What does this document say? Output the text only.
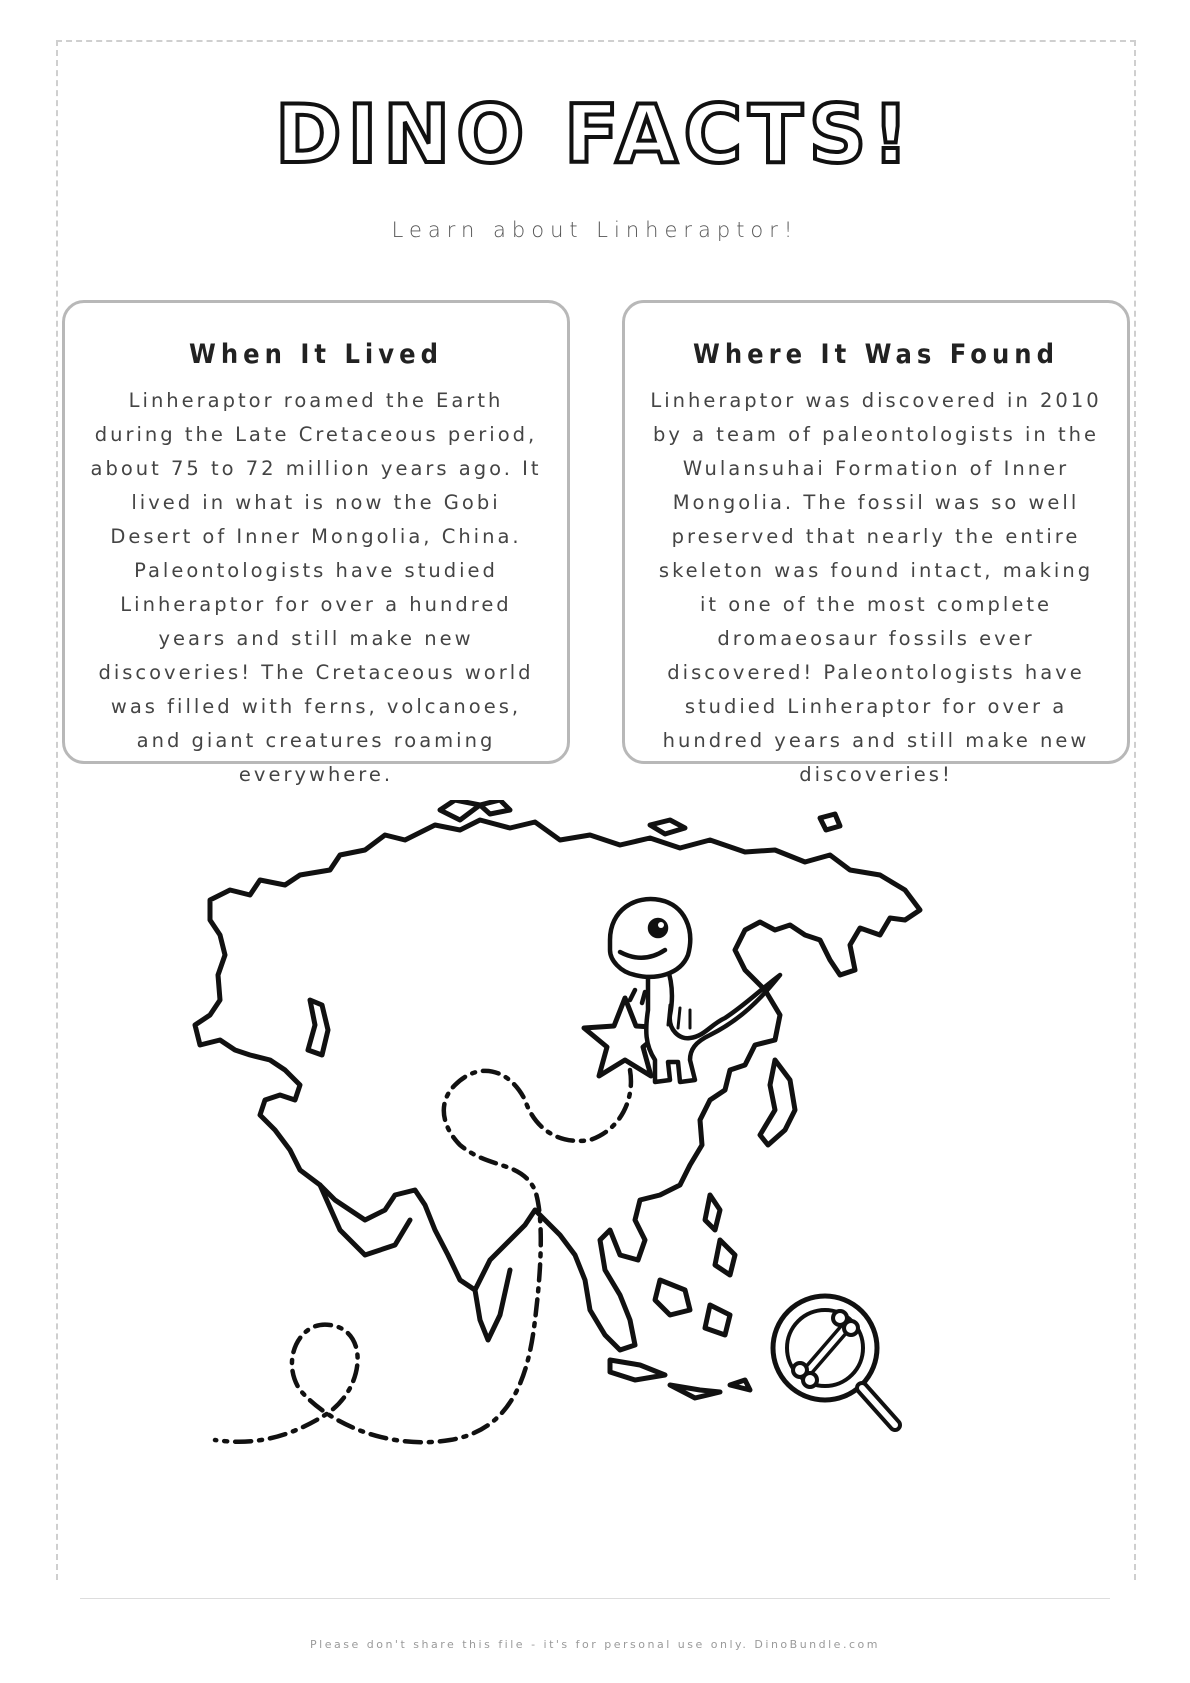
DINO FACTS!
Learn about Linheraptor!
When It Lived

Linheraptor roamed the Earth during the Late Cretaceous period, about 75 to 72 million years ago. It lived in what is now the Gobi Desert of Inner Mongolia, China. Paleontologists have studied Linheraptor for over a hundred years and still make new discoveries! The Cretaceous world was filled with ferns, volcanoes, and giant creatures roaming everywhere.

Where It Was Found

Linheraptor was discovered in 2010 by a team of paleontologists in the Wulansuhai Formation of Inner Mongolia. The fossil was so well preserved that nearly the entire skeleton was found intact, making it one of the most complete dromaeosaur fossils ever discovered! Paleontologists have studied Linheraptor for over a hundred years and still make new discoveries!

Please don't share this file - it's for personal use only. DinoBundle.com
